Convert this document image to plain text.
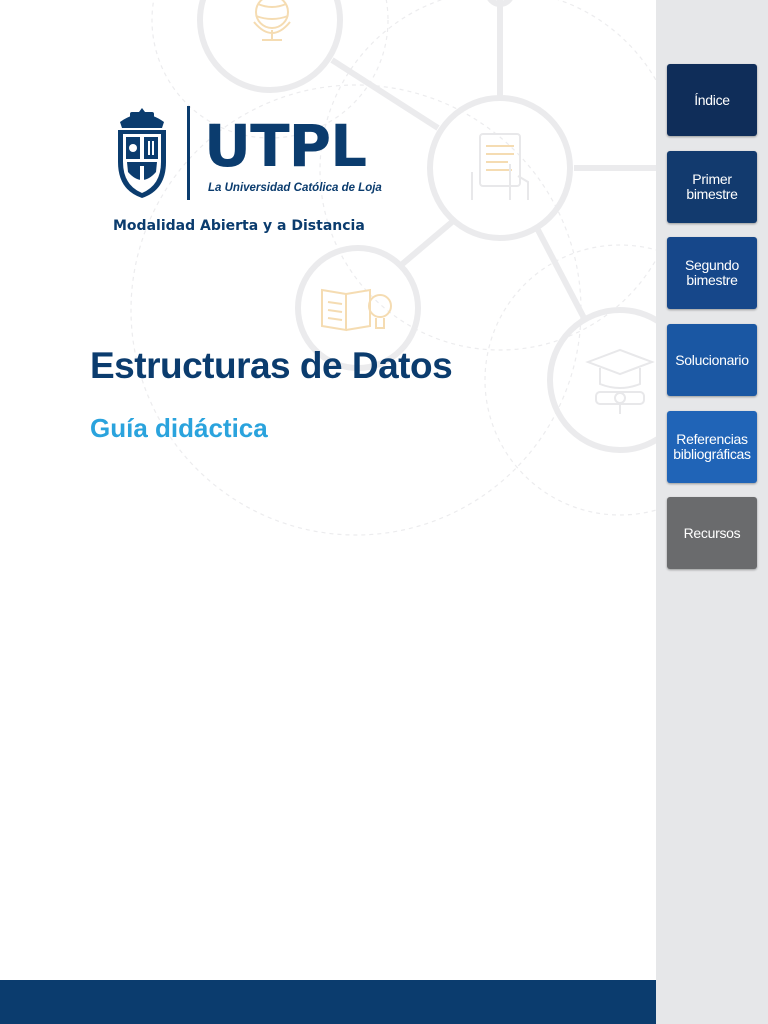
UTPL
La Universidad Católica de Loja
Modalidad Abierta y a Distancia
Estructuras de Datos
Guía didáctica
Índice
Primer
bimestre
Segundo
bimestre
Solucionario
Referencias
bibliográficas
Recursos
